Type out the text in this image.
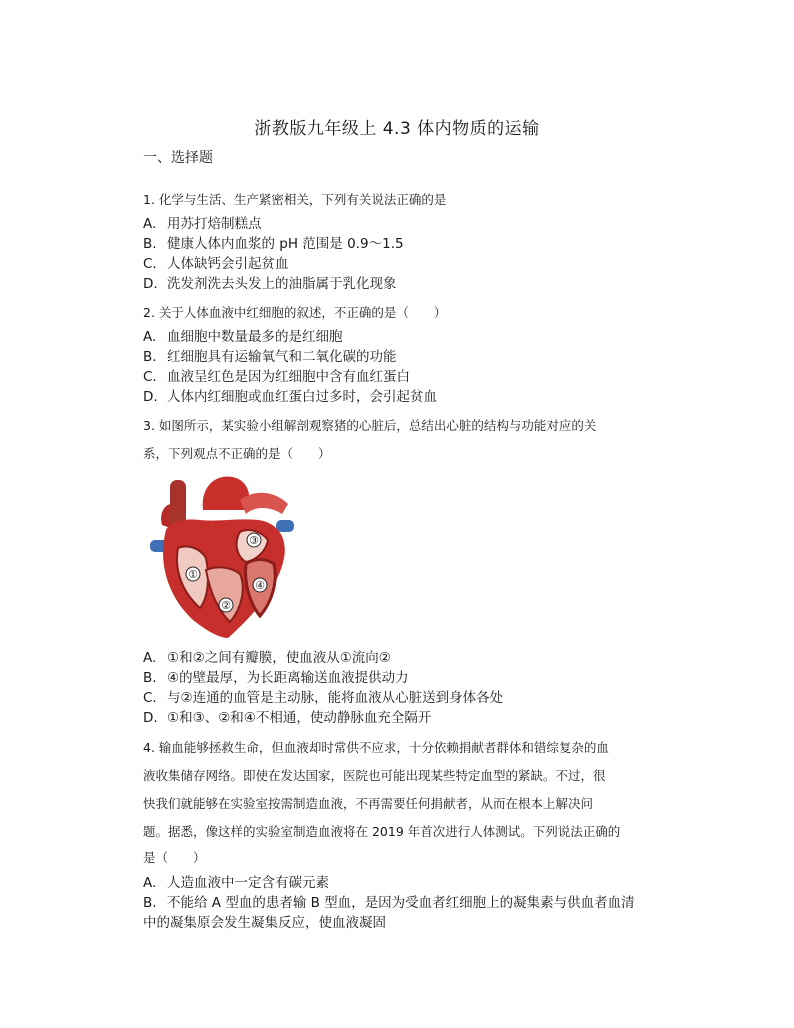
浙教版九年级上 4.3 体内物质的运输
一、选择题
1. 化学与生活、生产紧密相关，下列有关说法正确的是
A. 用苏打焙制糕点
B. 健康人体内血浆的 pH 范围是 0.9～1.5
C. 人体缺钙会引起贫血
D. 洗发剂洗去头发上的油脂属于乳化现象
2. 关于人体血液中红细胞的叙述，不正确的是（　　）
A. 血细胞中数量最多的是红细胞
B. 红细胞具有运输氧气和二氧化碳的功能
C. 血液呈红色是因为红细胞中含有血红蛋白
D. 人体内红细胞或血红蛋白过多时，会引起贫血
3. 如图所示，某实验小组解剖观察猪的心脏后，总结出心脏的结构与功能对应的关
系，下列观点不正确的是（　　）
①
②
③
④
A. ①和②之间有瓣膜，使血液从①流向②
B. ④的壁最厚，为长距离输送血液提供动力
C. 与②连通的血管是主动脉，能将血液从心脏送到身体各处
D. ①和③、②和④不相通，使动静脉血充全隔开
4. 输血能够拯救生命，但血液却时常供不应求，十分依赖捐献者群体和错综复杂的血
液收集储存网络。即使在发达国家，医院也可能出现某些特定血型的紧缺。不过，很
快我们就能够在实验室按需制造血液，不再需要任何捐献者，从而在根本上解决问
题。据悉，像这样的实验室制造血液将在 2019 年首次进行人体测试。下列说法正确的
是（　　）
A. 人造血液中一定含有碳元素
B. 不能给 A 型血的患者输 B 型血，是因为受血者红细胞上的凝集素与供血者血清
中的凝集原会发生凝集反应，使血液凝固
